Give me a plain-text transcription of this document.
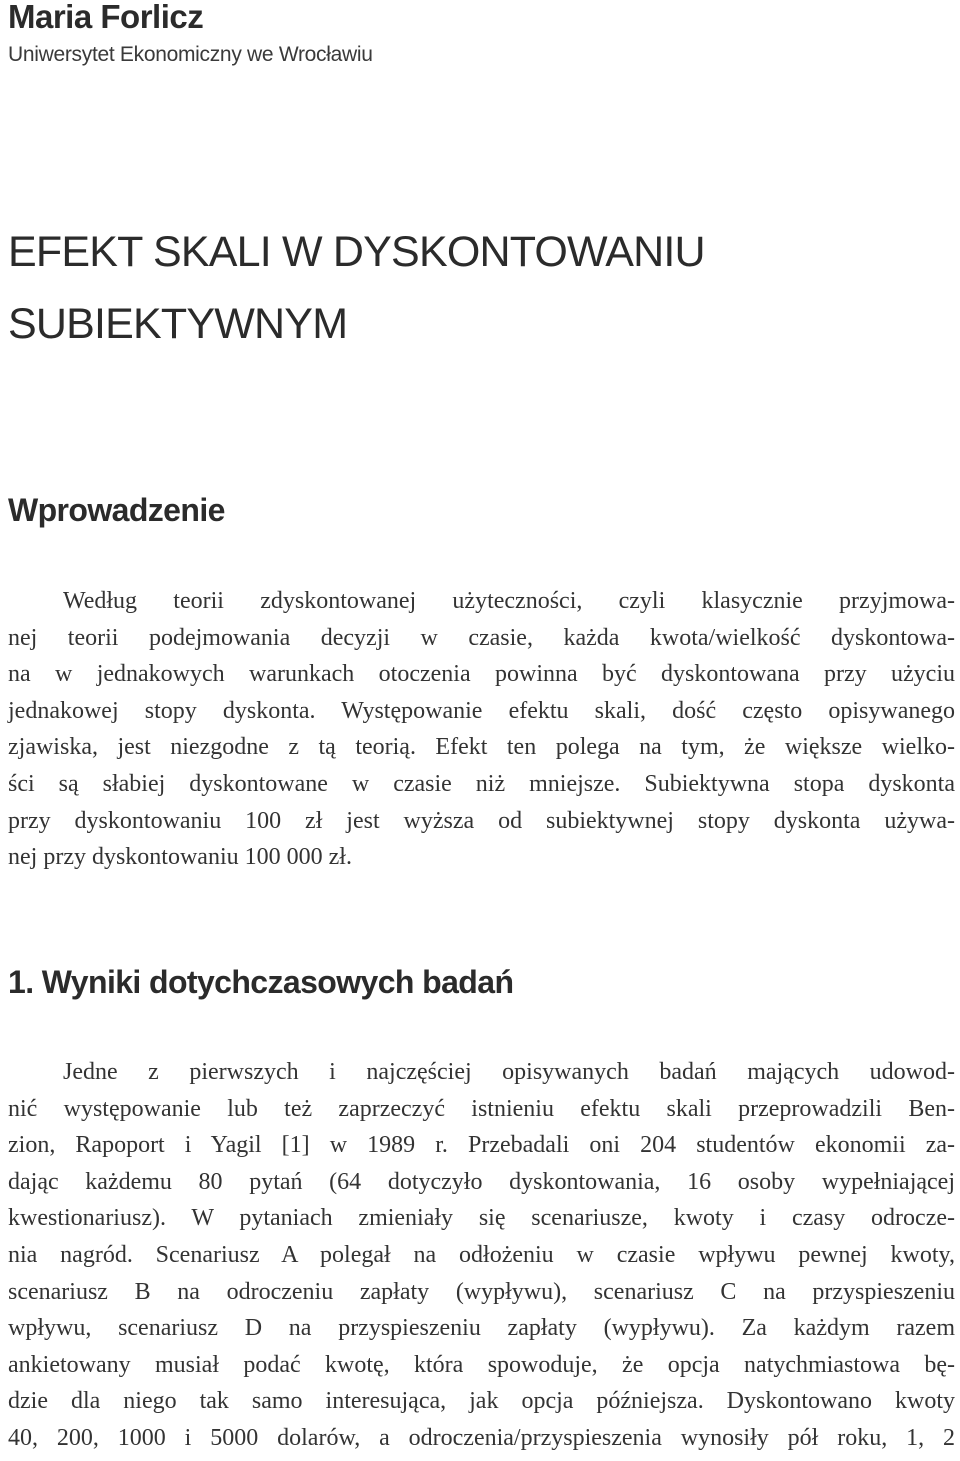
Maria Forlicz

Uniwersytet Ekonomiczny we Wrocławiu

EFEKT SKALI W DYSKONTOWANIU
SUBIEKTYWNYM
Wprowadzenie
Według teorii zdyskontowanej użyteczności, czyli klasycznie przyjmowa-
nej teorii podejmowania decyzji w czasie, każda kwota/wielkość dyskontowa-
na w jednakowych warunkach otoczenia powinna być dyskontowana przy użyciu
jednakowej stopy dyskonta. Występowanie efektu skali, dość często opisywanego
zjawiska, jest niezgodne z tą teorią. Efekt ten polega na tym, że większe wielko-
ści są słabiej dyskontowane w czasie niż mniejsze. Subiektywna stopa dyskonta
przy dyskontowaniu 100 zł jest wyższa od subiektywnej stopy dyskonta używa-
nej przy dyskontowaniu 100 000 zł.
1. Wyniki dotychczasowych badań
Jedne z pierwszych i najczęściej opisywanych badań mających udowod-
nić występowanie lub też zaprzeczyć istnieniu efektu skali przeprowadzili Ben-
zion, Rapoport i Yagil [1] w 1989 r. Przebadali oni 204 studentów ekonomii za-
dając każdemu 80 pytań (64 dotyczyło dyskontowania, 16 osoby wypełniającej
kwestionariusz). W pytaniach zmieniały się scenariusze, kwoty i czasy odrocze-
nia nagród. Scenariusz A polegał na odłożeniu w czasie wpływu pewnej kwoty,
scenariusz B na odroczeniu zapłaty (wypływu), scenariusz C na przyspieszeniu
wpływu, scenariusz D na przyspieszeniu zapłaty (wypływu). Za każdym razem
ankietowany musiał podać kwotę, która spowoduje, że opcja natychmiastowa bę-
dzie dla niego tak samo interesująca, jak opcja późniejsza. Dyskontowano kwoty
40, 200, 1000 i 5000 dolarów, a odroczenia/przyspieszenia wynosiły pół roku, 1, 2
